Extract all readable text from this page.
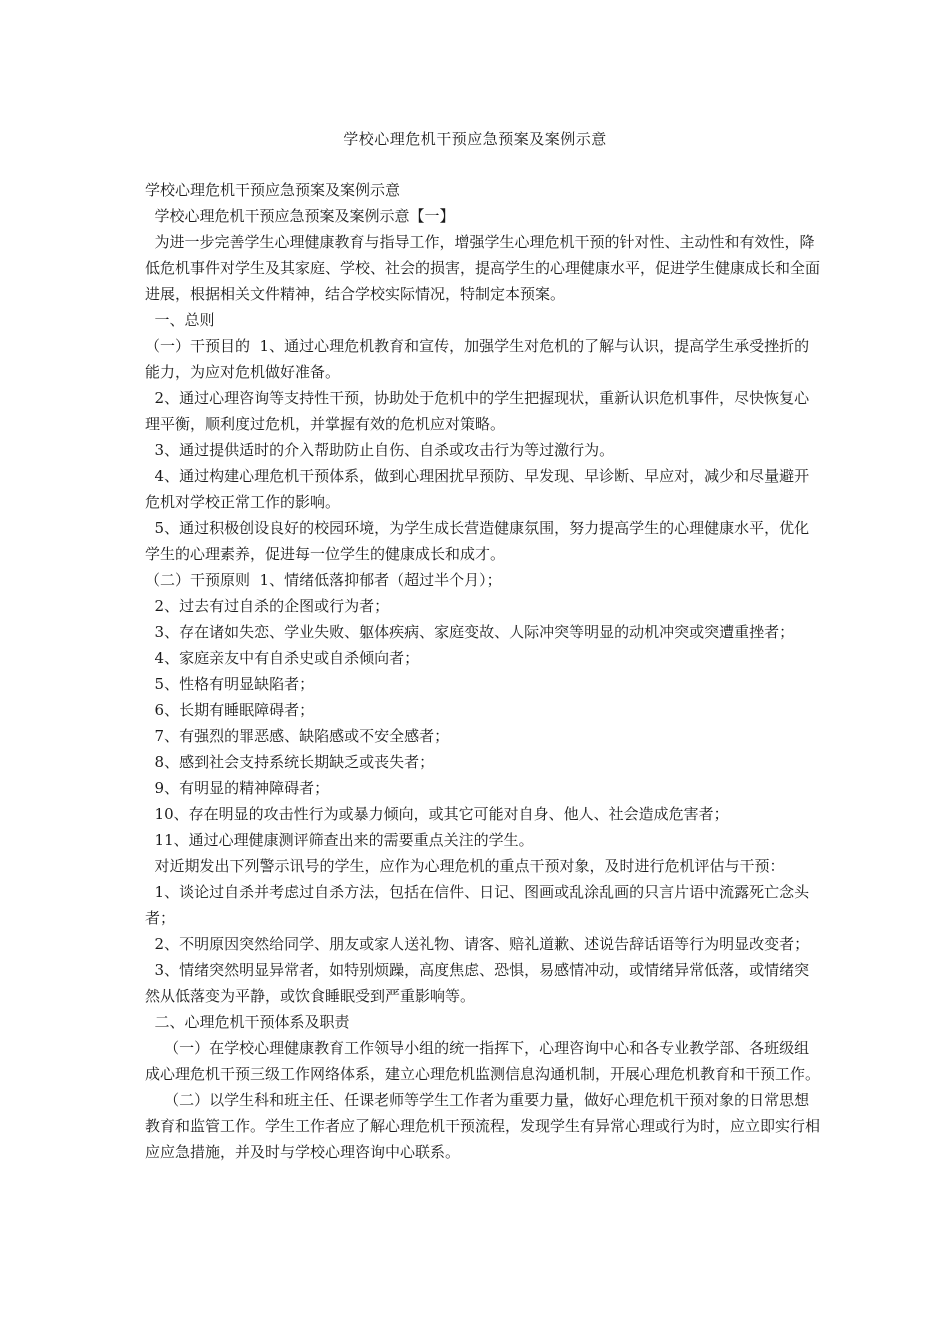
学校心理危机干预应急预案及案例示意

学校心理危机干预应急预案及案例示意

学校心理危机干预应急预案及案例示意【一】

为进一步完善学生心理健康教育与指导工作，增强学生心理危机干预的针对性、主动性和有效性，降低危机事件对学生及其家庭、学校、社会的损害，提高学生的心理健康水平，促进学生健康成长和全面进展，根据相关文件精神，结合学校实际情况，特制定本预案。

一、总则

（一）干预目的  1、通过心理危机教育和宣传，加强学生对危机的了解与认识，提高学生承受挫折的能力，为应对危机做好准备。

2、通过心理咨询等支持性干预，协助处于危机中的学生把握现状，重新认识危机事件，尽快恢复心理平衡，顺利度过危机，并掌握有效的危机应对策略。

3、通过提供适时的介入帮助防止自伤、自杀或攻击行为等过激行为。

4、通过构建心理危机干预体系，做到心理困扰早预防、早发现、早诊断、早应对，减少和尽量避开危机对学校正常工作的影响。

5、通过积极创设良好的校园环境，为学生成长营造健康氛围，努力提高学生的心理健康水平，优化学生的心理素养，促进每一位学生的健康成长和成才。

（二）干预原则  1、情绪低落抑郁者（超过半个月）；

2、过去有过自杀的企图或行为者；

3、存在诸如失恋、学业失败、躯体疾病、家庭变故、人际冲突等明显的动机冲突或突遭重挫者；

4、家庭亲友中有自杀史或自杀倾向者；

5、性格有明显缺陷者；

6、长期有睡眠障碍者；

7、有强烈的罪恶感、缺陷感或不安全感者；

8、感到社会支持系统长期缺乏或丧失者；

9、有明显的精神障碍者；

10、存在明显的攻击性行为或暴力倾向，或其它可能对自身、他人、社会造成危害者；

11、通过心理健康测评筛查出来的需要重点关注的学生。

对近期发出下列警示讯号的学生，应作为心理危机的重点干预对象，及时进行危机评估与干预：

1、谈论过自杀并考虑过自杀方法，包括在信件、日记、图画或乱涂乱画的只言片语中流露死亡念头者；

2、不明原因突然给同学、朋友或家人送礼物、请客、赔礼道歉、述说告辞话语等行为明显改变者；

3、情绪突然明显异常者，如特别烦躁，高度焦虑、恐惧，易感情冲动，或情绪异常低落，或情绪突然从低落变为平静，或饮食睡眠受到严重影响等。

二、心理危机干预体系及职责

（一）在学校心理健康教育工作领导小组的统一指挥下，心理咨询中心和各专业教学部、各班级组成心理危机干预三级工作网络体系，建立心理危机监测信息沟通机制，开展心理危机教育和干预工作。

（二）以学生科和班主任、任课老师等学生工作者为重要力量，做好心理危机干预对象的日常思想教育和监管工作。学生工作者应了解心理危机干预流程，发现学生有异常心理或行为时，应立即实行相应应急措施，并及时与学校心理咨询中心联系。
